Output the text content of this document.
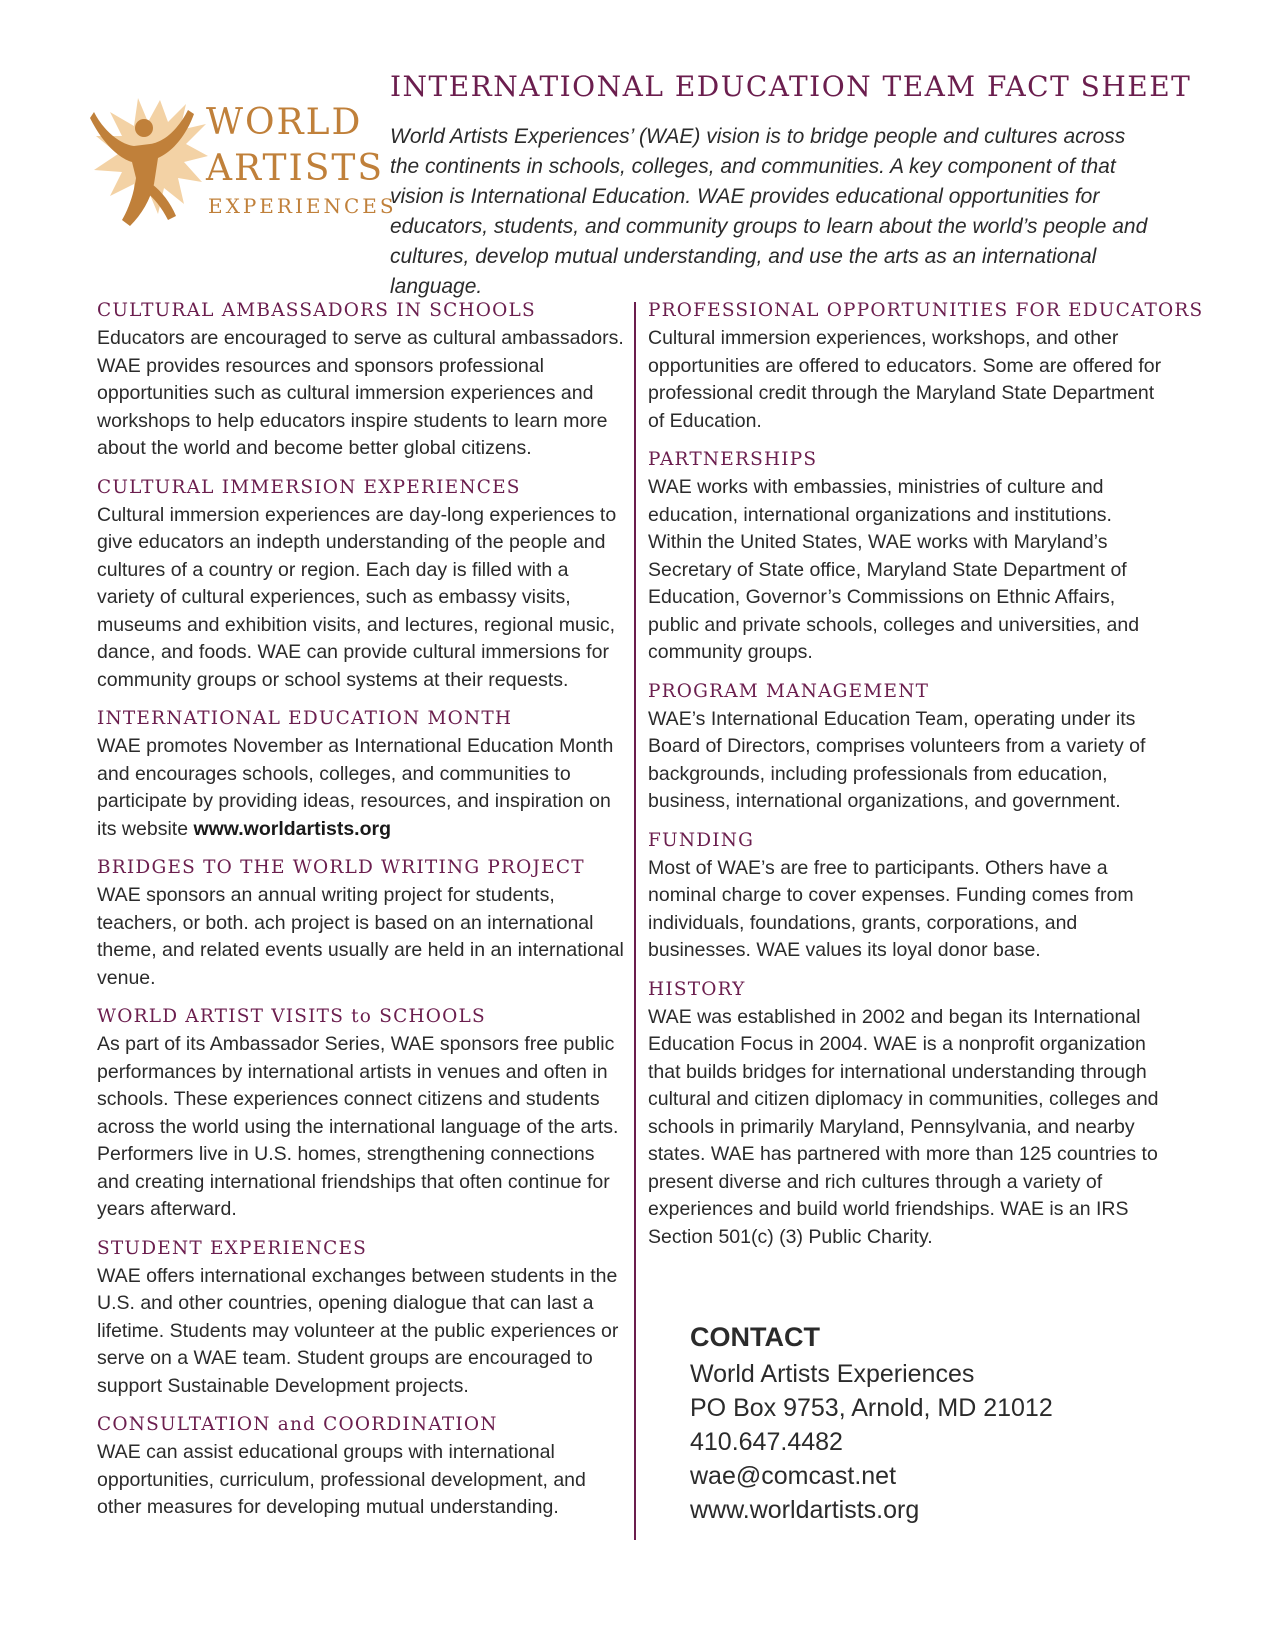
WORLD
ARTISTS
EXPERIENCES
INTERNATIONAL EDUCATION TEAM FACT SHEET

World Artists Experiences’ (WAE) vision is to bridge people and cultures across the continents in schools, colleges, and communities. A key component of that vision is International Education. WAE provides educational opportunities for educators, students, and community groups to learn about the world’s people and cultures, develop mutual understanding, and use the arts as an international language.

CULTURAL AMBASSADORS IN SCHOOLS

Educators are encouraged to serve as cultural ambassadors. WAE provides resources and sponsors professional opportunities such as cultural immersion experiences and workshops to help educators inspire students to learn more about the world and become better global citizens.

CULTURAL IMMERSION EXPERIENCES

Cultural immersion experiences are day-long experiences to give educators an indepth understanding of the people and cultures of a country or region. Each day is filled with a variety of cultural experiences, such as embassy visits, museums and exhibition visits, and lectures, regional music, dance, and foods. WAE can provide cultural immersions for community groups or school systems at their requests.

INTERNATIONAL EDUCATION MONTH

WAE promotes November as International Education Month and encourages schools, colleges, and communities to participate by providing ideas, resources, and inspiration on its website www.worldartists.org

BRIDGES TO THE WORLD WRITING PROJECT

WAE sponsors an annual writing project for students, teachers, or both. ach project is based on an international theme, and related events usually are held in an international venue.

WORLD ARTIST VISITS to SCHOOLS

As part of its Ambassador Series, WAE sponsors free public performances by international artists in venues and often in schools. These experiences connect citizens and students across the world using the international language of the arts. Performers live in U.S. homes, strengthening connections and creating international friendships that often continue for years afterward.

STUDENT EXPERIENCES

WAE offers international exchanges between students in the U.S. and other countries, opening dialogue that can last a lifetime. Students may volunteer at the public experiences or serve on a WAE team. Student groups are encouraged to support Sustainable Development projects.

CONSULTATION and COORDINATION

WAE can assist educational groups with international opportunities, curriculum, professional development, and other measures for developing mutual understanding.

PROFESSIONAL OPPORTUNITIES FOR EDUCATORS

Cultural immersion experiences, workshops, and other opportunities are offered to educators. Some are offered for professional credit through the Maryland State Department of Education.

PARTNERSHIPS

WAE works with embassies, ministries of culture and education, international organizations and institutions. Within the United States, WAE works with Maryland’s Secretary of State office, Maryland State Department of Education, Governor’s Commissions on Ethnic Affairs, public and private schools, colleges and universities, and community groups.

PROGRAM MANAGEMENT

WAE’s International Education Team, operating under its Board of Directors, comprises volunteers from a variety of backgrounds, including professionals from education, business, international organizations, and government.

FUNDING

Most of WAE’s are free to participants. Others have a nominal charge to cover expenses. Funding comes from individuals, foundations, grants, corporations, and businesses. WAE values its loyal donor base.

HISTORY

WAE was established in 2002 and began its International Education Focus in 2004. WAE is a nonprofit organization that builds bridges for international understanding through cultural and citizen diplomacy in communities, colleges and schools in primarily Maryland, Pennsylvania, and nearby states. WAE has partnered with more than 125 countries to present diverse and rich cultures through a variety of experiences and build world friendships. WAE is an IRS Section 501(c) (3) Public Charity.

CONTACT
World Artists Experiences
PO Box 9753, Arnold, MD 21012
410.647.4482
wae@comcast.net
www.worldartists.org
